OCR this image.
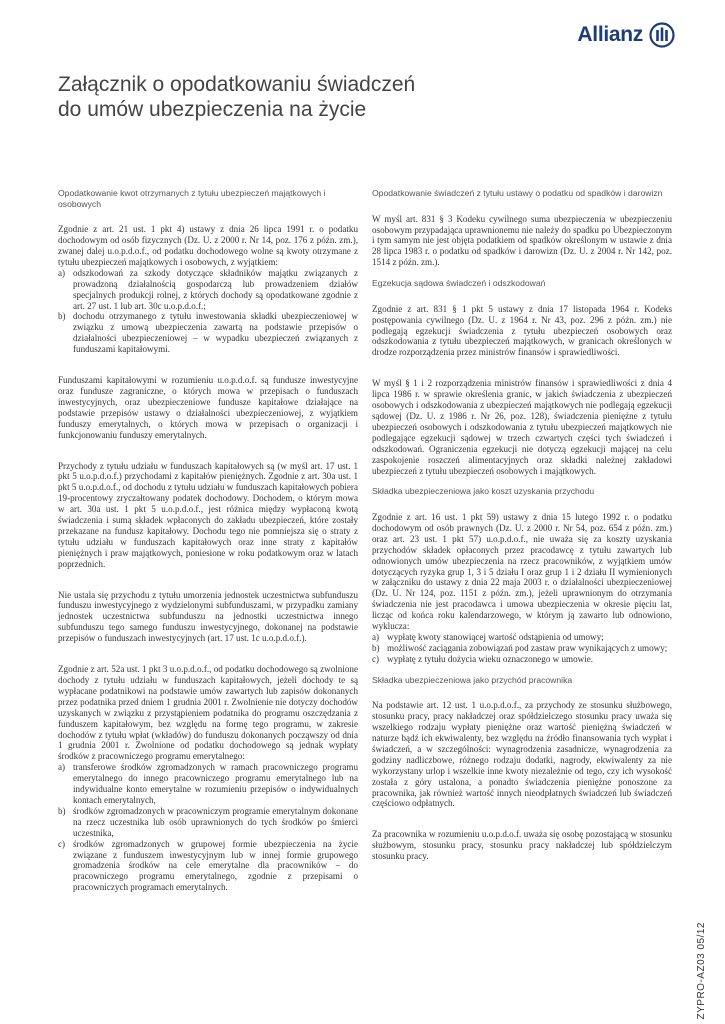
Allianz
Załącznik o opodatkowaniu świadczeń
do umów ubezpieczenia na życie
Opodatkowanie kwot otrzymanych z tytułu ubezpieczeń majątkowych i osobowych

Zgodnie z art. 21 ust. 1 pkt 4) ustawy z dnia 26 lipca 1991 r. o podatku dochodowym od osób fizycznych (Dz. U. z 2000 r. Nr 14, poz. 176 z późn. zm.), zwanej dalej u.o.p.d.o.f., od podatku dochodowego wolne są kwoty otrzymane z tytułu ubezpieczeń majątkowych i osobowych, z wyjątkiem:

a) odszkodowań za szkody dotyczące składników majątku związanych z prowadzoną działalnością gospodarczą lub prowadzeniem działów specjalnych produkcji rolnej, z których dochody są opodatkowane zgodnie z art. 27 ust. 1 lub art. 30c u.o.p.d.o.f.;
b) dochodu otrzymanego z tytułu inwestowania składki ubezpieczeniowej w związku z umową ubezpieczenia zawartą na podstawie przepisów o działalności ubezpieczeniowej – w wypadku ubezpieczeń związanych z funduszami kapitałowymi.

Funduszami kapitałowymi w rozumieniu u.o.p.d.o.f. są fundusze inwestycyjne oraz fundusze zagraniczne, o których mowa w przepisach o funduszach inwestycyjnych, oraz ubezpieczeniowe fundusze kapitałowe działające na podstawie przepisów ustawy o działalności ubezpieczeniowej, z wyjątkiem funduszy emerytalnych, o których mowa w przepisach o organizacji i funkcjonowaniu funduszy emerytalnych.

Przychody z tytułu udziału w funduszach kapitałowych są (w myśl art. 17 ust. 1 pkt 5 u.o.p.d.o.f.) przychodami z kapitałów pieniężnych. Zgodnie z art. 30a ust. 1 pkt 5 u.o.p.d.o.f., od dochodu z tytułu udziału w funduszach kapitałowych pobiera 19-procentowy zryczałtowany podatek dochodowy. Dochodem, o którym mowa w art. 30a ust. 1 pkt 5 u.o.p.d.o.f., jest różnica między wypłaconą kwotą świadczenia i sumą składek wpłaconych do zakładu ubezpieczeń, które zostały przekazane na fundusz kapitałowy. Dochodu tego nie pomniejsza się o straty z tytułu udziału w funduszach kapitałowych oraz inne straty z kapitałów pieniężnych i praw majątkowych, poniesione w roku podatkowym oraz w latach poprzednich.

Nie ustala się przychodu z tytułu umorzenia jednostek uczestnictwa subfunduszu funduszu inwestycyjnego z wydzielonymi subfunduszami, w przypadku zamiany jednostek uczestnictwa subfunduszu na jednostki uczestnictwa innego subfunduszu tego samego funduszu inwestycyjnego, dokonanej na podstawie przepisów o funduszach inwestycyjnych (art. 17 ust. 1c u.o.p.d.o.f.).

Zgodnie z art. 52a ust. 1 pkt 3 u.o.p.d.o.f., od podatku dochodowego są zwolnione dochody z tytułu udziału w funduszach kapitałowych, jeżeli dochody te są wypłacane podatnikowi na podstawie umów zawartych lub zapisów dokonanych przez podatnika przed dniem 1 grudnia 2001 r. Zwolnienie nie dotyczy dochodów uzyskanych w związku z przystąpieniem podatnika do programu oszczędzania z funduszem kapitałowym, bez względu na formę tego programu, w zakresie dochodów z tytułu wpłat (wkładów) do funduszu dokonanych począwszy od dnia 1 grudnia 2001 r. Zwolnione od podatku dochodowego są jednak wypłaty środków z pracowniczego programu emerytalnego:

a) transferowe środków zgromadzonych w ramach pracowniczego programu emerytalnego do innego pracowniczego programu emerytalnego lub na indywidualne konto emerytalne w rozumieniu przepisów o indywidualnych kontach emerytalnych,
b) środków zgromadzonych w pracowniczym programie emerytalnym dokonane na rzecz uczestnika lub osób uprawnionych do tych środków po śmierci uczestnika,
c) środków zgromadzonych w grupowej formie ubezpieczenia na życie związane z funduszem inwestycyjnym lub w innej formie grupowego gromadzenia środków na cele emerytalne dla pracowników – do pracowniczego programu emerytalnego, zgodnie z przepisami o pracowniczych programach emerytalnych.
Opodatkowanie świadczeń z tytułu ustawy o podatku od spadków i darowizn

W myśl art. 831 § 3 Kodeku cywilnego suma ubezpieczenia w ubezpieczeniu osobowym przypadająca uprawnionemu nie należy do spadku po Ubezpieczonym i tym samym nie jest objęta podatkiem od spadków określonym w ustawie z dnia 28 lipca 1983 r. o podatku od spadków i darowizn (Dz. U. z 2004 r. Nr 142, poz. 1514 z późn. zm.).

Egzekucja sądowa świadczeń i odszkodowań

Zgodnie z art. 831 § 1 pkt 5 ustawy z dnia 17 listopada 1964 r. Kodeks postępowania cywilnego (Dz. U. z 1964 r. Nr 43, poz. 296 z późn. zm.) nie podlegają egzekucji świadczenia z tytułu ubezpieczeń osobowych oraz odszkodowania z tytułu ubezpieczeń majątkowych, w granicach określonych w drodze rozporządzenia przez ministrów finansów i sprawiedliwości.

W myśl § 1 i 2 rozporządzenia ministrów finansów i sprawiedliwości z dnia 4 lipca 1986 r. w sprawie określenia granic, w jakich świadczenia z ubezpieczeń osobowych i odszkodowania z ubezpieczeń majątkowych nie podlegają egzekucji sądowej (Dz. U. z 1986 r. Nr 26, poz. 128), świadczenia pieniężne z tytułu ubezpieczeń osobowych i odszkodowania z tytułu ubezpieczeń majątkowych nie podlegające egzekucji sądowej w trzech czwartych części tych świadczeń i odszkodowań. Ograniczenia egzekucji nie dotyczą egzekucji mającej na celu zaspokojenie roszczeń alimentacyjnych oraz składki należnej zakładowi ubezpieczeń z tytułu ubezpieczeń osobowych i majątkowych.

Składka ubezpieczeniowa jako koszt uzyskania przychodu

Zgodnie z art. 16 ust. 1 pkt 59) ustawy z dnia 15 lutego 1992 r. o podatku dochodowym od osób prawnych (Dz. U. z 2000 r. Nr 54, poz. 654 z późn. zm.) oraz art. 23 ust. 1 pkt 57) u.o.p.d.o.f., nie uważa się za koszty uzyskania przychodów składek opłaconych przez pracodawcę z tytułu zawartych lub odnowionych umów ubezpieczenia na rzecz pracowników, z wyjątkiem umów dotyczących ryzyka grup 1, 3 i 5 działu I oraz grup 1 i 2 działu II wymienionych w załączniku do ustawy z dnia 22 maja 2003 r. o działalności ubezpieczeniowej (Dz. U. Nr 124, poz. 1151 z późn. zm.), jeżeli uprawnionym do otrzymania świadczenia nie jest pracodawca i umowa ubezpieczenia w okresie pięciu lat, licząc od końca roku kalendarzowego, w którym ją zawarto lub odnowiono, wyklucza:

a) wypłatę kwoty stanowiącej wartość odstąpienia od umowy;
b) możliwość zaciągania zobowiązań pod zastaw praw wynikających z umowy;
c) wypłatę z tytułu dożycia wieku oznaczonego w umowie.
Składka ubezpieczeniowa jako przychód pracownika

Na podstawie art. 12 ust. 1 u.o.p.d.o.f., za przychody ze stosunku służbowego, stosunku pracy, pracy nakładczej oraz spółdzielczego stosunku pracy uważa się wszelkiego rodzaju wypłaty pieniężne oraz wartość pieniężną świadczeń w naturze bądź ich ekwiwalenty, bez względu na źródło finansowania tych wypłat i świadczeń, a w szczególności: wynagrodzenia zasadnicze, wynagrodzenia za godziny nadliczbowe, różnego rodzaju dodatki, nagrody, ekwiwalenty za nie wykorzystany urlop i wszelkie inne kwoty niezależnie od tego, czy ich wysokość została z góry ustalona, a ponadto świadczenia pieniężne ponoszone za pracownika, jak również wartość innych nieodpłatnych świadczeń lub świadczeń częściowo odpłatnych.

Za pracownika w rozumieniu u.o.p.d.o.f. uważa się osobę pozostającą w stosunku służbowym, stosunku pracy, stosunku pracy nakładczej lub spółdzielczym stosunku pracy.

ZYPRO-AZ03 05/12
